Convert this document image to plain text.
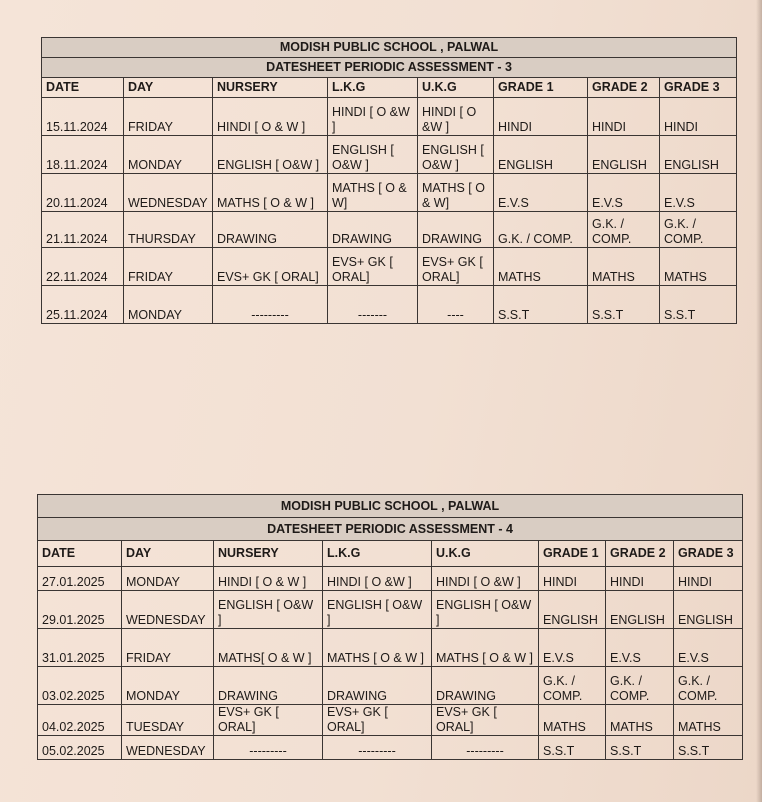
MODISH PUBLIC SCHOOL , PALWAL							
DATESHEET PERIODIC ASSESSMENT - 3							
DATE	DAY	NURSERY	L.K.G	U.K.G	GRADE 1	GRADE 2	GRADE 3
15.11.2024	FRIDAY	HINDI [ O & W ]	HINDI [ O &W ]	HINDI [ O &W ]	HINDI	HINDI	HINDI
18.11.2024	MONDAY	ENGLISH [ O&W ]	ENGLISH [ O&W ]	ENGLISH [ O&W ]	ENGLISH	ENGLISH	ENGLISH
20.11.2024	WEDNESDAY	MATHS [ O & W ]	MATHS [ O & W]	MATHS [ O & W]	E.V.S	E.V.S	E.V.S
21.11.2024	THURSDAY	DRAWING	DRAWING	DRAWING	G.K. / COMP.	G.K. / COMP.	G.K. / COMP.
22.11.2024	FRIDAY	EVS+ GK [ ORAL]	EVS+ GK [ ORAL]	EVS+ GK [ ORAL]	MATHS	MATHS	MATHS
25.11.2024	MONDAY	---------	-------	----	S.S.T	S.S.T	S.S.T
MODISH PUBLIC SCHOOL , PALWAL							
DATESHEET PERIODIC ASSESSMENT - 4							
DATE	DAY	NURSERY	L.K.G	U.K.G	GRADE 1	GRADE 2	GRADE 3
27.01.2025	MONDAY	HINDI [ O & W ]	HINDI [ O &W ]	HINDI [ O &W ]	HINDI	HINDI	HINDI
29.01.2025	WEDNESDAY	ENGLISH [ O&W ]	ENGLISH [ O&W ]	ENGLISH [ O&W ]	ENGLISH	ENGLISH	ENGLISH
31.01.2025	FRIDAY	MATHS[ O & W ]	MATHS [ O & W ]	MATHS [ O & W ]	E.V.S	E.V.S	E.V.S
03.02.2025	MONDAY	DRAWING	DRAWING	DRAWING	G.K. / COMP.	G.K. / COMP.	G.K. / COMP.
04.02.2025	TUESDAY	EVS+ GK [ ORAL]	EVS+ GK [ ORAL]	EVS+ GK [ ORAL]	MATHS	MATHS	MATHS
05.02.2025	WEDNESDAY	---------	---------	---------	S.S.T	S.S.T	S.S.T
